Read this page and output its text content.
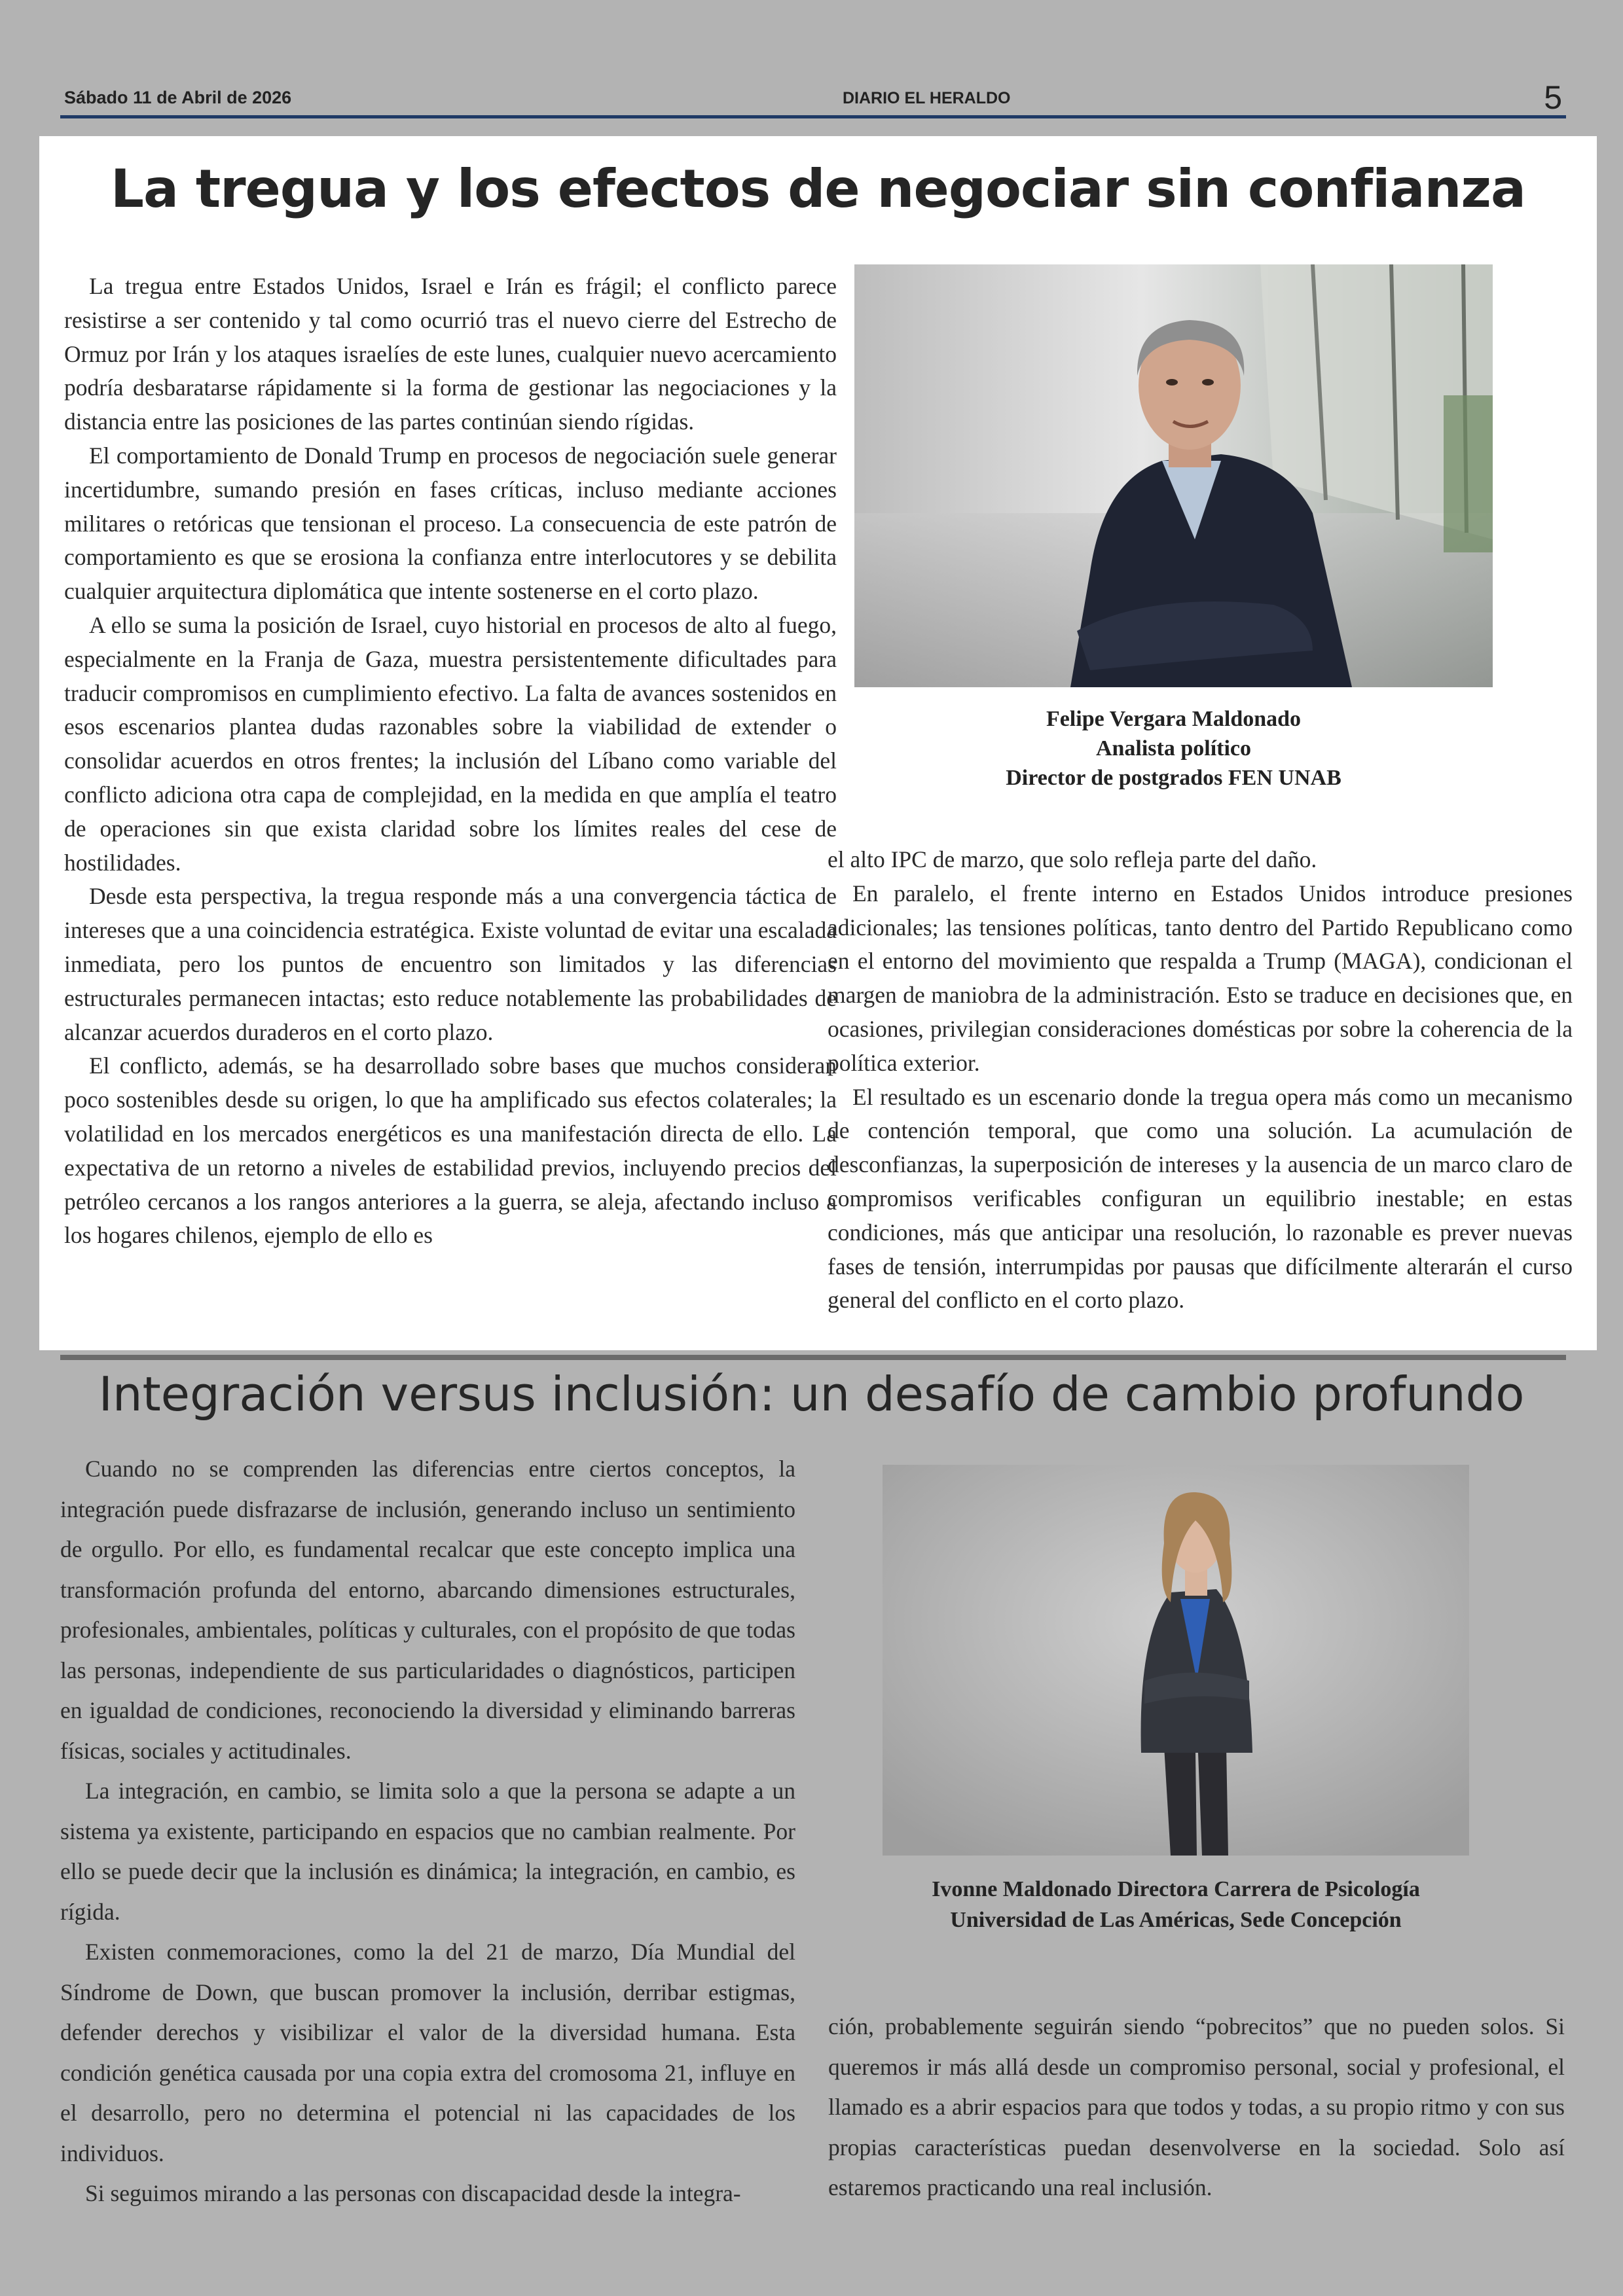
Sábado 11 de Abril de 2026	DIARIO EL HERALDO	5
La tregua y los efectos de negociar sin confianza

La tregua entre Estados Unidos, Israel e Irán es frágil; el conflicto parece resistirse a ser contenido y tal como ocurrió tras el nuevo cierre del Estrecho de Ormuz por Irán y los ataques israelíes de este lunes, cualquier nuevo acercamiento podría desbaratarse rápidamente si la forma de gestionar las negociaciones y la distancia entre las posiciones de las partes continúan siendo rígidas.

El comportamiento de Donald Trump en procesos de negociación suele generar incertidumbre, sumando presión en fases críticas, incluso mediante acciones militares o retóricas que tensionan el proceso. La consecuencia de este patrón de comportamiento es que se erosiona la confianza entre interlocutores y se debilita cualquier arquitectura diplomática que intente sostenerse en el corto plazo.

A ello se suma la posición de Israel, cuyo historial en procesos de alto al fuego, especialmente en la Franja de Gaza, muestra persistentemente dificultades para traducir compromisos en cumplimiento efectivo. La falta de avances sostenidos en esos escenarios plantea dudas razonables sobre la viabilidad de extender o consolidar acuerdos en otros frentes; la inclusión del Líbano como variable del conflicto adiciona otra capa de complejidad, en la medida en que amplía el teatro de operaciones sin que exista claridad sobre los límites reales del cese de hostilidades.

Desde esta perspectiva, la tregua responde más a una convergencia táctica de intereses que a una coincidencia estratégica. Existe voluntad de evitar una escalada inmediata, pero los puntos de encuentro son limitados y las diferencias estructurales permanecen intactas; esto reduce notablemente las probabilidades de alcanzar acuerdos duraderos en el corto plazo.

El conflicto, además, se ha desarrollado sobre bases que muchos consideran poco sostenibles desde su origen, lo que ha amplificado sus efectos colaterales; la volatilidad en los mercados energéticos es una manifestación directa de ello. La expectativa de un retorno a niveles de estabilidad previos, incluyendo precios del petróleo cercanos a los rangos anteriores a la guerra, se aleja, afectando incluso a los hogares chilenos, ejemplo de ello es

Felipe Vergara Maldonado
Analista político
Director de postgrados FEN UNAB

el alto IPC de marzo, que solo refleja parte del daño.

En paralelo, el frente interno en Estados Unidos introduce presiones adicionales; las tensiones políticas, tanto dentro del Partido Republicano como en el entorno del movimiento que respalda a Trump (MAGA), condicionan el margen de maniobra de la administración. Esto se traduce en decisiones que, en ocasiones, privilegian consideraciones domésticas por sobre la coherencia de la política exterior.

El resultado es un escenario donde la tregua opera más como un mecanismo de contención temporal, que como una solución. La acumulación de desconfianzas, la superposición de intereses y la ausencia de un marco claro de compromisos verificables configuran un equilibrio inestable; en estas condiciones, más que anticipar una resolución, lo razonable es prever nuevas fases de tensión, interrumpidas por pausas que difícilmente alterarán el curso general del conflicto en el corto plazo.

Integración versus inclusión: un desafío de cambio profundo

Cuando no se comprenden las diferencias entre ciertos conceptos, la integración puede disfrazarse de inclusión, generando incluso un sentimiento de orgullo. Por ello, es fundamental recalcar que este concepto implica una transformación profunda del entorno, abarcando dimensiones estructurales, profesionales, ambientales, políticas y culturales, con el propósito de que todas las personas, independiente de sus particularidades o diagnósticos, participen en igualdad de condiciones, reconociendo la diversidad y eliminando barreras físicas, sociales y actitudinales.

La integración, en cambio, se limita solo a que la persona se adapte a un sistema ya existente, participando en espacios que no cambian realmente. Por ello se puede decir que la inclusión es dinámica; la integración, en cambio, es rígida.

Existen conmemoraciones, como la del 21 de marzo, Día Mundial del Síndrome de Down, que buscan promover la inclusión, derribar estigmas, defender derechos y visibilizar el valor de la diversidad humana. Esta condición genética causada por una copia extra del cromosoma 21, influye en el desarrollo, pero no determina el potencial ni las capacidades de los individuos.

Si seguimos mirando a las personas con discapacidad desde la integra-

Ivonne Maldonado Directora Carrera de Psicología Universidad de Las Américas, Sede Concepción

ción, probablemente seguirán siendo “pobrecitos” que no pueden solos. Si queremos ir más allá desde un compromiso personal, social y profesional, el llamado es a abrir espacios para que todos y todas, a su propio ritmo y con sus propias características puedan desenvolverse en la sociedad. Solo así estaremos practicando una real inclusión.
